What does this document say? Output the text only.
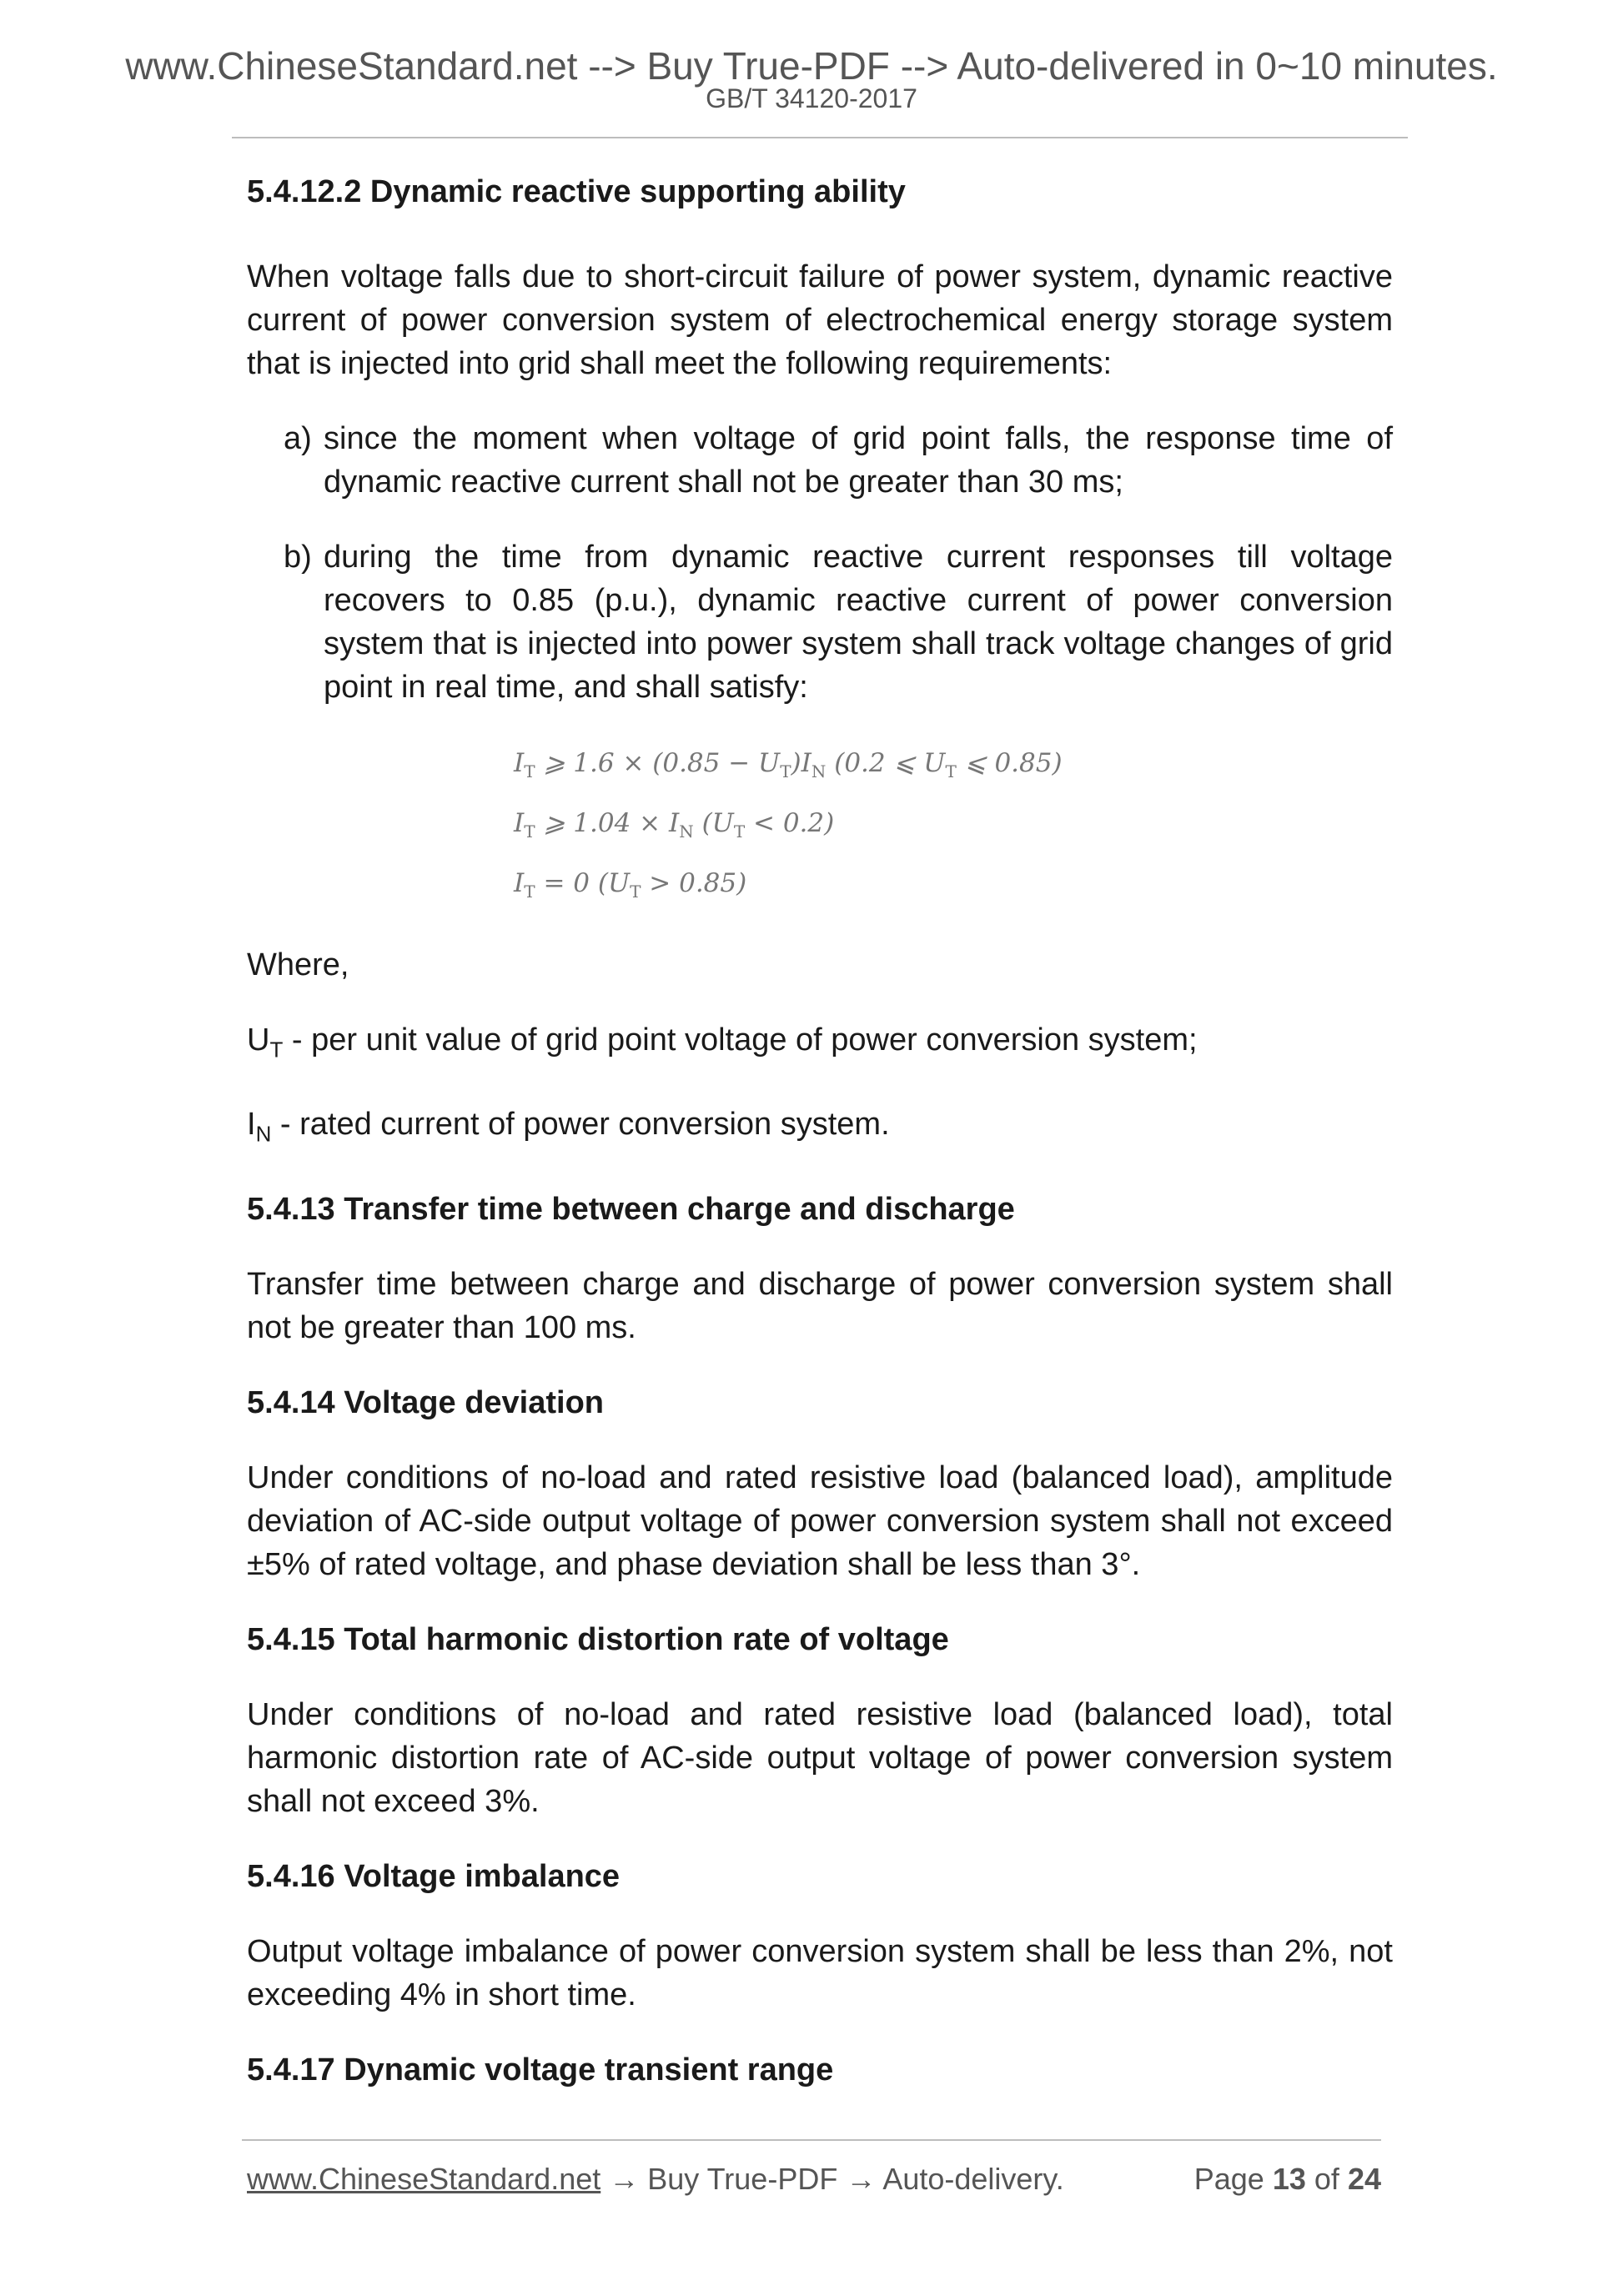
www.ChineseStandard.net --> Buy True-PDF --> Auto-delivered in 0~10 minutes.
GB/T 34120-2017

5.4.12.2 Dynamic reactive supporting ability

When voltage falls due to short-circuit failure of power system, dynamic reactive current of power conversion system of electrochemical energy storage system that is injected into grid shall meet the following requirements:

a) since the moment when voltage of grid point falls, the response time of dynamic reactive current shall not be greater than 30 ms;
b) during the time from dynamic reactive current responses till voltage recovers to 0.85 (p.u.), dynamic reactive current of power conversion system that is injected into power system shall track voltage changes of grid point in real time, and shall satisfy:
$I_T$ ⩾ $1.6 \times (0.85 - U_T)I_N$ (0.2 ⩽ $U_T$ ⩽ 0.85)
$I_T$ ⩾ $1.04 \times I_N$ $(U_T < 0.2)$
$I_T = 0$ $(U_T > 0.85)$

Where,

$U_T$ - per unit value of grid point voltage of power conversion system;

$I_N$ - rated current of power conversion system.

5.4.13 Transfer time between charge and discharge

Transfer time between charge and discharge of power conversion system shall not be greater than 100 ms.

5.4.14 Voltage deviation

Under conditions of no-load and rated resistive load (balanced load), amplitude deviation of AC-side output voltage of power conversion system shall not exceed ±5% of rated voltage, and phase deviation shall be less than 3°.

5.4.15 Total harmonic distortion rate of voltage

Under conditions of no-load and rated resistive load (balanced load), total harmonic distortion rate of AC-side output voltage of power conversion system shall not exceed 3%.

5.4.16 Voltage imbalance

Output voltage imbalance of power conversion system shall be less than 2%, not exceeding 4% in short time.

5.4.17 Dynamic voltage transient range

www.ChineseStandard.net → Buy True-PDF → Auto-delivery.	Page 13 of 24
